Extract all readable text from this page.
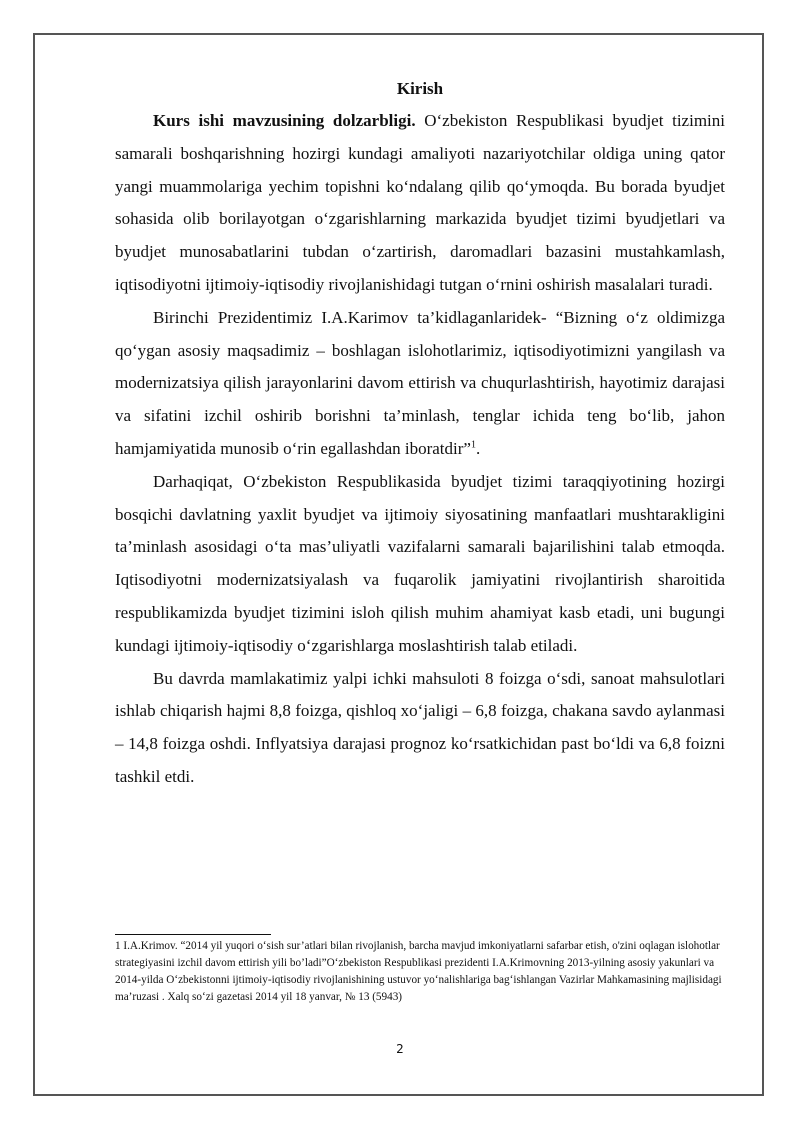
Kirish

Kurs ishi mavzusining dolzarbligi. O‘zbekiston Respublikasi byudjet tizimini samarali boshqarishning hozirgi kundagi amaliyoti nazariyotchilar oldiga uning qator yangi muammolariga yechim topishni ko‘ndalang qilib qo‘ymoqda. Bu borada byudjet sohasida olib borilayotgan o‘zgarishlarning markazida byudjet tizimi byudjetlari va byudjet munosabatlarini tubdan o‘zartirish, daromadlari bazasini mustahkamlash, iqtisodiyotni ijtimoiy-iqtisodiy rivojlanishidagi tutgan o‘rnini oshirish masalalari turadi.

Birinchi Prezidentimiz I.A.Karimov ta’kidlaganlaridek- “Bizning o‘z oldimizga qo‘ygan asosiy maqsadimiz – boshlagan islohotlarimiz, iqtisodiyotimizni yangilash va modernizatsiya qilish jarayonlarini davom ettirish va chuqurlashtirish, hayotimiz darajasi va sifatini izchil oshirib borishni ta’minlash, tenglar ichida teng bo‘lib, jahon hamjamiyatida munosib o‘rin egallashdan iboratdir”$^1$.

Darhaqiqat, O‘zbekiston Respublikasida byudjet tizimi taraqqiyotining hozirgi bosqichi davlatning yaxlit byudjet va ijtimoiy siyosatining manfaatlari mushtarakligini ta’minlash asosidagi o‘ta mas’uliyatli vazifalarni samarali bajarilishini talab etmoqda. Iqtisodiyotni modernizatsiyalash va fuqarolik jamiyatini rivojlantirish sharoitida respublikamizda byudjet tizimini isloh qilish muhim ahamiyat kasb etadi, uni bugungi kundagi ijtimoiy-iqtisodiy o‘zgarishlarga moslashtirish talab etiladi.

Bu davrda mamlakatimiz yalpi ichki mahsuloti 8 foizga o‘sdi, sanoat mahsulotlari ishlab chiqarish hajmi 8,8 foizga, qishloq xo‘jaligi – 6,8 foizga, chakana savdo aylanmasi – 14,8 foizga oshdi. Inflyatsiya darajasi prognoz ko‘rsatkichidan past bo‘ldi va 6,8 foizni tashkil etdi.

1 I.A.Krimov. “2014 yil yuqori o‘sish sur’atlari bilan rivojlanish, barcha mavjud imkoniyatlarni safarbar etish, o'zini oqlagan islohotlar strategiyasini izchil davom ettirish yili bo’ladi”O‘zbekiston Respublikasi prezidenti I.A.Krimovning 2013-yilning asosiy yakunlari va 2014-yilda O‘zbekistonni ijtimoiy-iqtisodiy rivojlanishining ustuvor yo‘nalishlariga bag‘ishlangan Vazirlar Mahkamasining majlisidagi ma’ruzasi . Xalq so‘zi gazetasi 2014 yil 18 yanvar, № 13 (5943)

2
